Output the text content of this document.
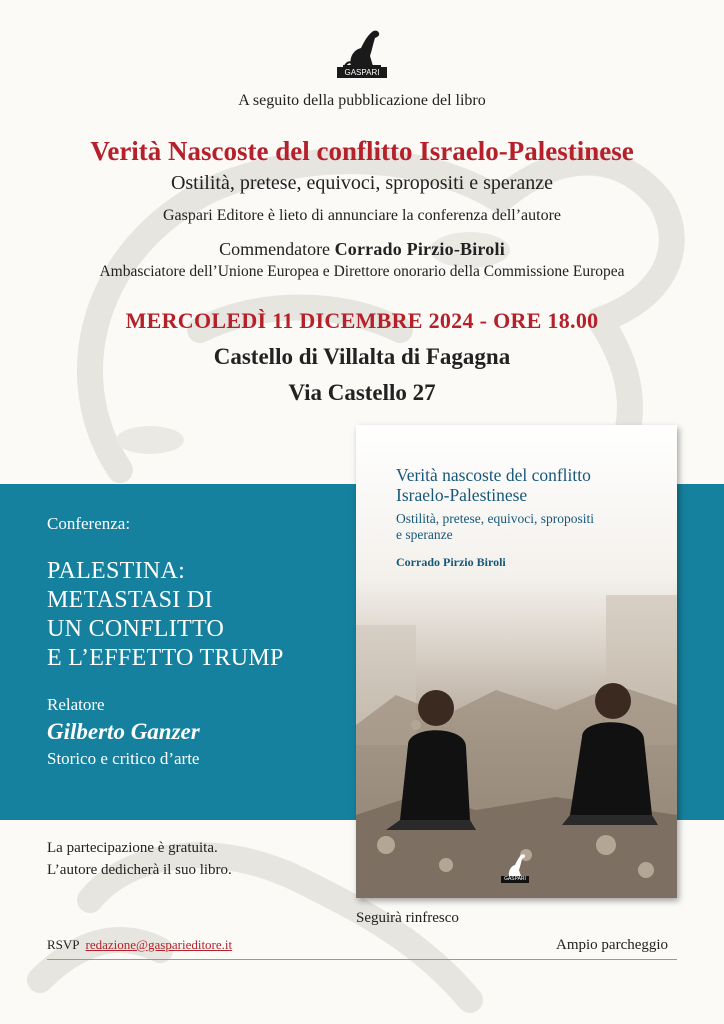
GASPARI
A seguito della pubblicazione del libro
Verità Nascoste del conflitto Israelo-Palestinese
Ostilità, pretese, equivoci, spropositi e speranze
Gaspari Editore è lieto di annunciare la conferenza dell’autore
Commendatore Corrado Pirzio-Biroli
Ambasciatore dell’Unione Europea e Direttore onorario della Commissione Europea
MERCOLEDÌ 11 DICEMBRE 2024 - ORE 18.00
Castello di Villalta di Fagagna
Via Castello 27
Conferenza:
PALESTINA:
METASTASI DI
UN CONFLITTO
E L’EFFETTO TRUMP
Relatore
Gilberto Ganzer
Storico e critico d’arte
Verità nascoste del conflitto
Israelo-Palestinese
Ostilità, pretese, equivoci, spropositi
e speranze
Corrado Pirzio Biroli
GASPARI
La partecipazione è gratuita.
L’autore dedicherà il suo libro.
Seguirà rinfresco
RSVP redazione@gasparieditore.it	Ampio parcheggio
